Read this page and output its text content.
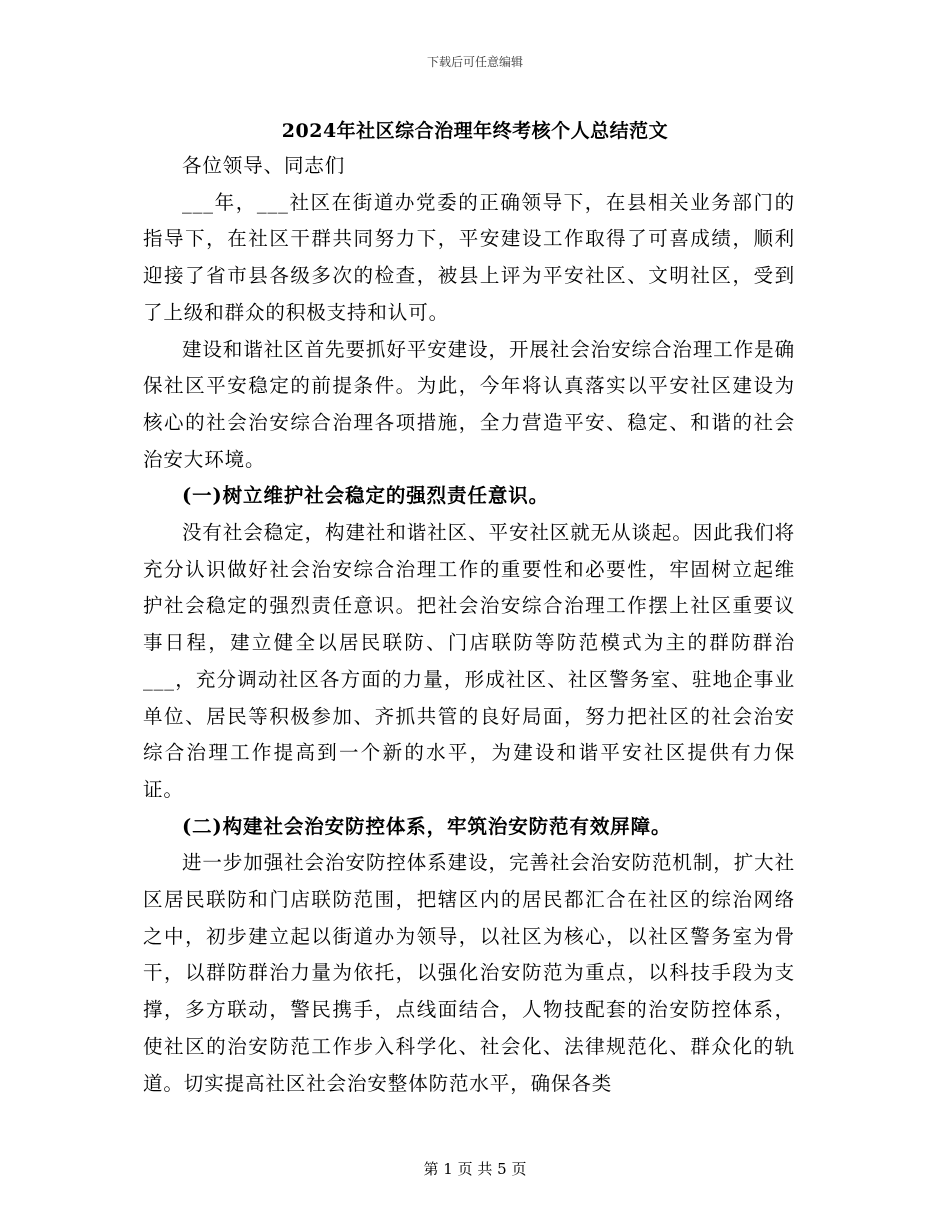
下载后可任意编辑
2024年社区综合治理年终考核个人总结范文

各位领导、同志们

___年，___社区在街道办党委的正确领导下，在县相关业务部门的指导下，在社区干群共同努力下，平安建设工作取得了可喜成绩，顺利迎接了省市县各级多次的检查，被县上评为平安社区、文明社区，受到了上级和群众的积极支持和认可。

建设和谐社区首先要抓好平安建设，开展社会治安综合治理工作是确保社区平安稳定的前提条件。为此，今年将认真落实以平安社区建设为核心的社会治安综合治理各项措施，全力营造平安、稳定、和谐的社会治安大环境。

(一)树立维护社会稳定的强烈责任意识。

没有社会稳定，构建社和谐社区、平安社区就无从谈起。因此我们将充分认识做好社会治安综合治理工作的重要性和必要性，牢固树立起维护社会稳定的强烈责任意识。把社会治安综合治理工作摆上社区重要议事日程，建立健全以居民联防、门店联防等防范模式为主的群防群治___，充分调动社区各方面的力量，形成社区、社区警务室、驻地企事业单位、居民等积极参加、齐抓共管的良好局面，努力把社区的社会治安综合治理工作提高到一个新的水平，为建设和谐平安社区提供有力保证。

(二)构建社会治安防控体系，牢筑治安防范有效屏障。

进一步加强社会治安防控体系建设，完善社会治安防范机制，扩大社区居民联防和门店联防范围，把辖区内的居民都汇合在社区的综治网络之中，初步建立起以街道办为领导，以社区为核心，以社区警务室为骨干，以群防群治力量为依托，以强化治安防范为重点，以科技手段为支撑，多方联动，警民携手，点线面结合，人物技配套的治安防控体系，使社区的治安防范工作步入科学化、社会化、法律规范化、群众化的轨道。切实提高社区社会治安整体防范水平，确保各类

第 1 页 共 5 页
